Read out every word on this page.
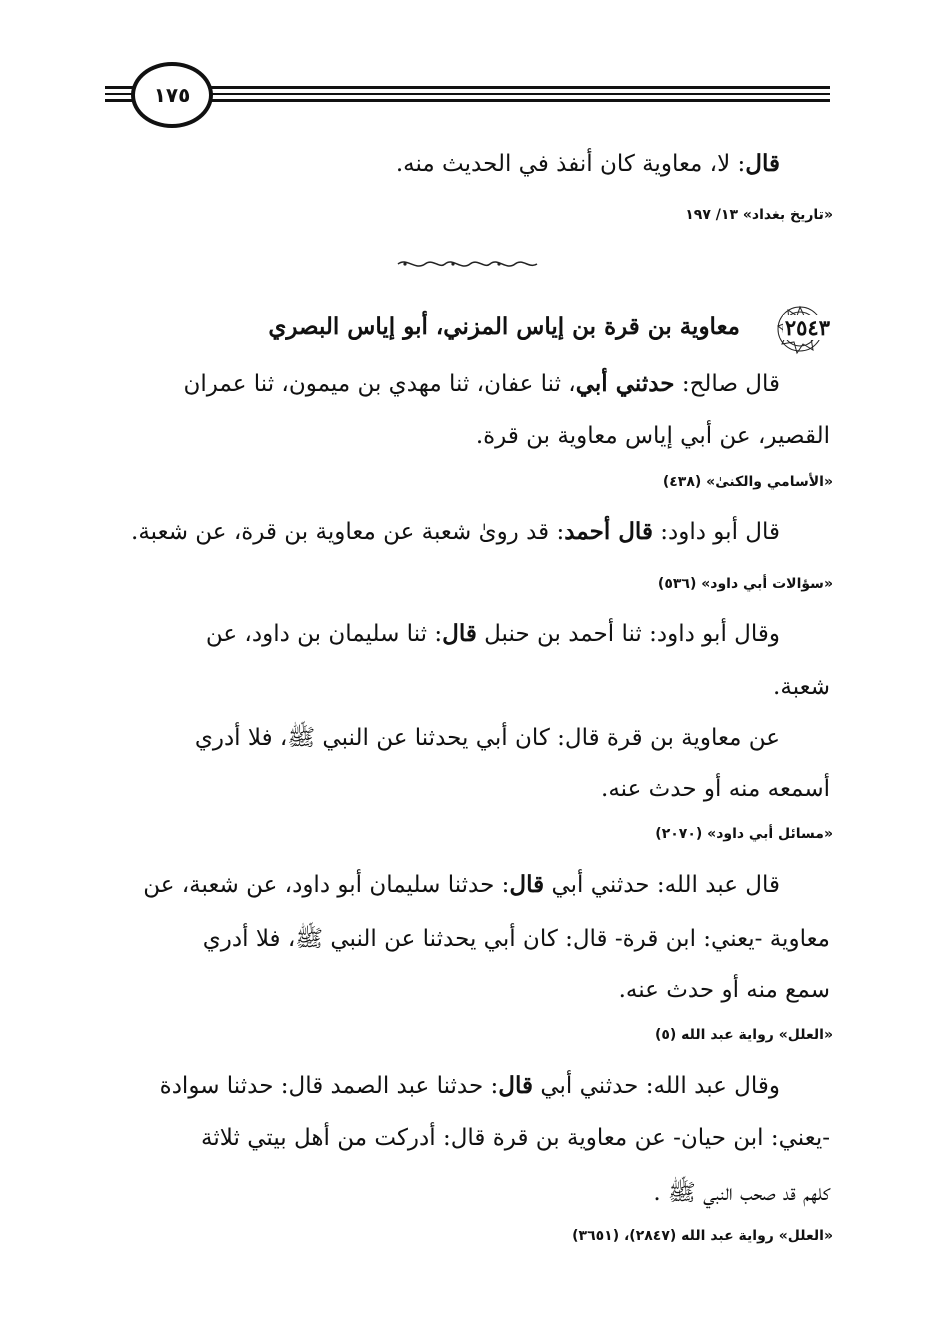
١٧٥
قال: لا، معاوية كان أنفذ في الحديث منه.
«تاريخ بغداد» ١٣/ ١٩٧
٢٥٤٣
معاوية بن قرة بن إياس المزني، أبو إياس البصري
قال صالح: حدثني أبي، ثنا عفان، ثنا مهدي بن ميمون، ثنا عمران
القصير، عن أبي إياس معاوية بن قرة.
«الأسامي والكنىٰ» (٤٣٨)
قال أبو داود: قال أحمد: قد روىٰ شعبة عن معاوية بن قرة، عن شعبة.
«سؤالات أبي داود» (٥٣٦)
وقال أبو داود: ثنا أحمد بن حنبل قال: ثنا سليمان بن داود، عن
شعبة.
عن معاوية بن قرة قال: كان أبي يحدثنا عن النبي ﷺ، فلا أدري
أسمعه منه أو حدث عنه.
«مسائل أبي داود» (٢٠٧٠)
قال عبد الله: حدثني أبي قال: حدثنا سليمان أبو داود، عن شعبة، عن
معاوية -يعني: ابن قرة- قال: كان أبي يحدثنا عن النبي ﷺ، فلا أدري
سمع منه أو حدث عنه.
«العلل» رواية عبد الله (٥)
وقال عبد الله: حدثني أبي قال: حدثنا عبد الصمد قال: حدثنا سوادة
-يعني: ابن حيان- عن معاوية بن قرة قال: أدركت من أهل بيتي ثلاثة
كلهم قد صحب النبي ﷺ .
«العلل» رواية عبد الله (٢٨٤٧)، (٣٦٥١)
